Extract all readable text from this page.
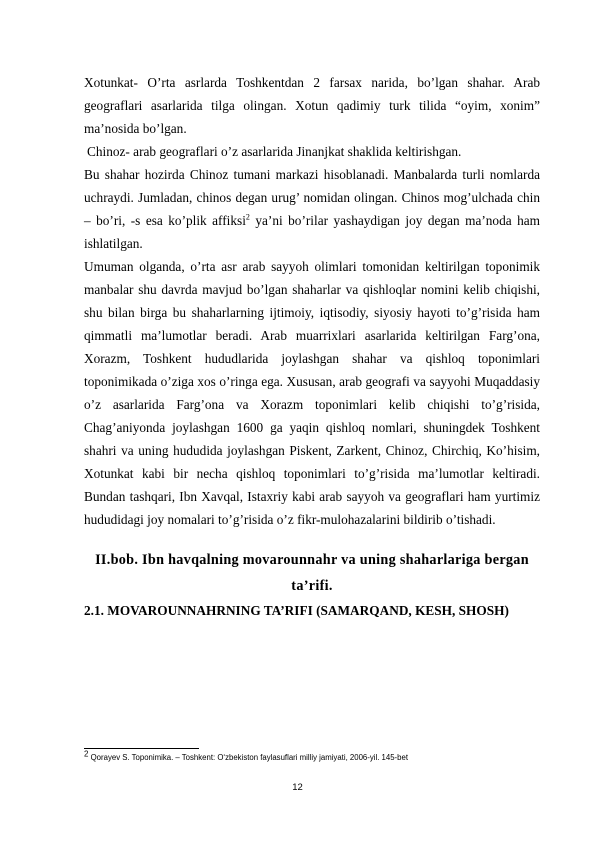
Xotunkat- O’rta asrlarda Toshkentdan 2 farsax narida, bo’lgan shahar. Arab geograflari asarlarida tilga olingan. Xotun qadimiy turk tilida “oyim, xonim” ma’nosida bo’lgan.

Chinoz- arab geograflari o’z asarlarida Jinanjkat shaklida keltirishgan.

Bu shahar hozirda Chinoz tumani markazi hisoblanadi. Manbalarda turli nomlarda uchraydi. Jumladan, chinos degan urug’ nomidan olingan. Chinos mog’ulchada chin – bo’ri, -s esa ko’plik affiksi$^2$ ya’ni bo’rilar yashaydigan joy degan ma’noda ham ishlatilgan.

Umuman olganda, o’rta asr arab sayyoh olimlari tomonidan keltirilgan toponimik manbalar shu davrda mavjud bo’lgan shaharlar va qishloqlar nomini kelib chiqishi, shu bilan birga bu shaharlarning ijtimoiy, iqtisodiy, siyosiy hayoti to’g’risida ham qimmatli ma’lumotlar beradi. Arab muarrixlari asarlarida keltirilgan Farg’ona, Xorazm, Toshkent hududlarida joylashgan shahar va qishloq toponimlari toponimikada o’ziga xos o’ringa ega. Xususan, arab geografi va sayyohi Muqaddasiy o’z asarlarida Farg’ona va Xorazm toponimlari kelib chiqishi to’g’risida, Chag’aniyonda joylashgan 1600 ga yaqin qishloq nomlari, shuningdek Toshkent shahri va uning hududida joylashgan Piskent, Zarkent, Chinoz, Chirchiq, Ko’hisim, Xotunkat kabi bir necha qishloq toponimlari to’g’risida ma’lumotlar keltiradi. Bundan tashqari, Ibn Xavqal, Istaxriy kabi arab sayyoh va geograflari ham yurtimiz hududidagi joy nomalari to’g’risida o’z fikr-mulohazalarini bildirib o’tishadi.

II.bob. Ibn havqalning movarounnahr va uning shaharlariga bergan ta’rifi.
2.1. MOVAROUNNAHRNING TA’RIFI (SAMARQAND, KESH, SHOSH)
$^2$ Qorayev S. Toponimika. – Toshkent: O‘zbekiston faylasuflari milliy jamiyati, 2006-yil. 145-bet
12
